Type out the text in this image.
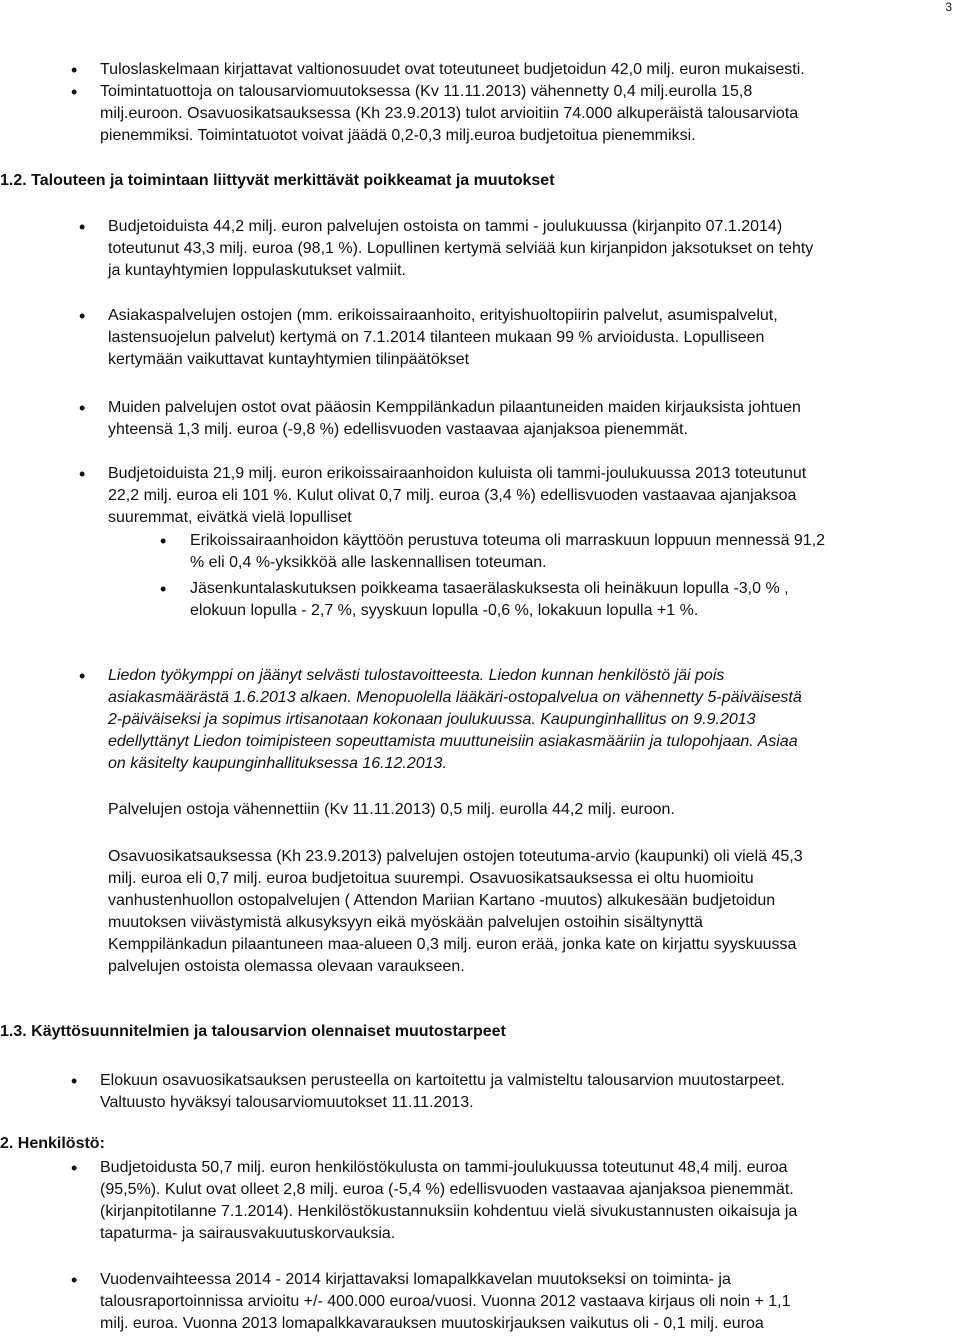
3
• Tuloslaskelmaan kirjattavat valtionosuudet ovat toteutuneet budjetoidun 42,0 milj. euron mukaisesti.
• Toimintatuottoja on talousarviomuutoksessa (Kv 11.11.2013) vähennetty 0,4 milj.eurolla 15,8
milj.euroon. Osavuosikatsauksessa (Kh 23.9.2013) tulot arvioitiin 74.000 alkuperäistä talousarviota
pienemmiksi. Toimintatuotot voivat jäädä 0,2-0,3 milj.euroa budjetoitua pienemmiksi.
1.2. Talouteen ja toimintaan liittyvät merkittävät poikkeamat ja muutokset
• Budjetoiduista 44,2 milj. euron palvelujen ostoista on tammi - joulukuussa (kirjanpito 07.1.2014)
toteutunut 43,3 milj. euroa (98,1 %). Lopullinen kertymä selviää kun kirjanpidon jaksotukset on tehty
ja kuntayhtymien loppulaskutukset valmiit.
• Asiakaspalvelujen ostojen (mm. erikoissairaanhoito, erityishuoltopiirin palvelut, asumispalvelut,
lastensuojelun palvelut) kertymä on 7.1.2014 tilanteen mukaan 99 % arvioidusta. Lopulliseen
kertymään vaikuttavat kuntayhtymien tilinpäätökset
• Muiden palvelujen ostot ovat pääosin Kemppilänkadun pilaantuneiden maiden kirjauksista johtuen
yhteensä 1,3 milj. euroa (-9,8 %) edellisvuoden vastaavaa ajanjaksoa pienemmät.
• Budjetoiduista 21,9 milj. euron erikoissairaanhoidon kuluista oli tammi-joulukuussa 2013 toteutunut
22,2 milj. euroa eli 101 %. Kulut olivat 0,7 milj. euroa (3,4 %) edellisvuoden vastaavaa ajanjaksoa
suuremmat, eivätkä vielä lopulliset
• Erikoissairaanhoidon käyttöön perustuva toteuma oli marraskuun loppuun mennessä 91,2
% eli 0,4 %-yksikköä alle laskennallisen toteuman.
• Jäsenkuntalaskutuksen poikkeama tasaerälaskuksesta oli heinäkuun lopulla -3,0 % ,
elokuun lopulla - 2,7 %, syyskuun lopulla -0,6 %, lokakuun lopulla +1 %.
• Liedon työkymppi on jäänyt selvästi tulostavoitteesta. Liedon kunnan henkilöstö jäi pois
asiakasmäärästä 1.6.2013 alkaen. Menopuolella lääkäri-ostopalvelua on vähennetty 5-päiväisestä
2-päiväiseksi ja sopimus irtisanotaan kokonaan joulukuussa. Kaupunginhallitus on 9.9.2013
edellyttänyt Liedon toimipisteen sopeuttamista muuttuneisiin asiakasmääriin ja tulopohjaan. Asiaa
on käsitelty kaupunginhallituksessa 16.12.2013.
Palvelujen ostoja vähennettiin (Kv 11.11.2013) 0,5 milj. eurolla 44,2 milj. euroon.
Osavuosikatsauksessa (Kh 23.9.2013) palvelujen ostojen toteutuma-arvio (kaupunki) oli vielä 45,3
milj. euroa eli 0,7 milj. euroa budjetoitua suurempi. Osavuosikatsauksessa ei oltu huomioitu
vanhustenhuollon ostopalvelujen ( Attendon Mariian Kartano -muutos) alkukesään budjetoidun
muutoksen viivästymistä alkusyksyyn eikä myöskään palvelujen ostoihin sisältynyttä
Kemppilänkadun pilaantuneen maa-alueen 0,3 milj. euron erää, jonka kate on kirjattu syyskuussa
palvelujen ostoista olemassa olevaan varaukseen.
1.3. Käyttösuunnitelmien ja talousarvion olennaiset muutostarpeet
• Elokuun osavuosikatsauksen perusteella on kartoitettu ja valmisteltu talousarvion muutostarpeet.
Valtuusto hyväksyi talousarviomuutokset 11.11.2013.
2. Henkilöstö:
• Budjetoidusta 50,7 milj. euron henkilöstökulusta on tammi-joulukuussa toteutunut 48,4 milj. euroa
(95,5%). Kulut ovat olleet 2,8 milj. euroa (-5,4 %) edellisvuoden vastaavaa ajanjaksoa pienemmät.
(kirjanpitotilanne 7.1.2014). Henkilöstökustannuksiin kohdentuu vielä sivukustannusten oikaisuja ja
tapaturma- ja sairausvakuutuskorvauksia.
• Vuodenvaihteessa 2014 - 2014 kirjattavaksi lomapalkkavelan muutokseksi on toiminta- ja
talousraportoinnissa arvioitu +/- 400.000 euroa/vuosi. Vuonna 2012 vastaava kirjaus oli noin + 1,1
milj. euroa. Vuonna 2013 lomapalkkavarauksen muutoskirjauksen vaikutus oli - 0,1 milj. euroa
